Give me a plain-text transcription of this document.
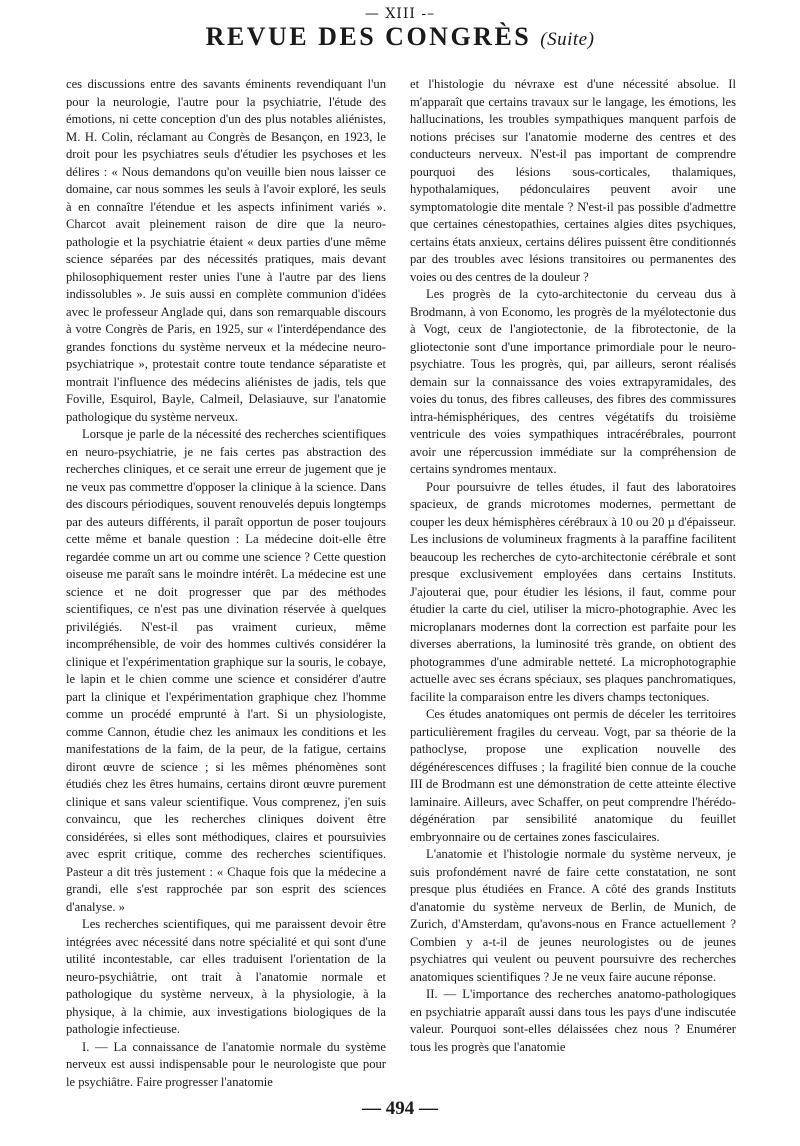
— XIII -–
REVUE DES CONGRÈS (Suite)

ces discussions entre des savants éminents revendiquant l'un pour la neurologie, l'autre pour la psychiatrie, l'étude des émotions, ni cette conception d'un des plus notables aliénistes, M. H. Colin, réclamant au Congrès de Besançon, en 1923, le droit pour les psychiatres seuls d'étudier les psychoses et les délires : « Nous demandons qu'on veuille bien nous laisser ce domaine, car nous sommes les seuls à l'avoir exploré, les seuls à en connaître l'étendue et les aspects infiniment variés ». Charcot avait pleinement raison de dire que la neuro-pathologie et la psychiatrie étaient « deux parties d'une même science séparées par des nécessités pratiques, mais devant philosophiquement rester unies l'une à l'autre par des liens indissolubles ». Je suis aussi en complète communion d'idées avec le professeur Anglade qui, dans son remarquable discours à votre Congrès de Paris, en 1925, sur « l'interdépendance des grandes fonctions du système nerveux et la médecine neuro-psychiatrique », protestait contre toute tendance séparatiste et montrait l'influence des médecins aliénistes de jadis, tels que Foville, Esquirol, Bayle, Calmeil, Delasiauve, sur l'anatomie pathologique du système nerveux.

Lorsque je parle de la nécessité des recherches scientifiques en neuro-psychiatrie, je ne fais certes pas abstraction des recherches cliniques, et ce serait une erreur de jugement que je ne veux pas commettre d'opposer la clinique à la science. Dans des discours périodiques, souvent renouvelés depuis longtemps par des auteurs différents, il paraît opportun de poser toujours cette même et banale question : La médecine doit-elle être regardée comme un art ou comme une science ? Cette question oiseuse me paraît sans le moindre intérêt. La médecine est une science et ne doit progresser que par des méthodes scientifiques, ce n'est pas une divination réservée à quelques privilégiés. N'est-il pas vraiment curieux, même incompréhensible, de voir des hommes cultivés considérer la clinique et l'expérimentation graphique sur la souris, le cobaye, le lapin et le chien comme une science et considérer d'autre part la clinique et l'expérimentation graphique chez l'homme comme un procédé emprunté à l'art. Si un physiologiste, comme Cannon, étudie chez les animaux les conditions et les manifestations de la faim, de la peur, de la fatigue, certains diront œuvre de science ; si les mêmes phénomènes sont étudiés chez les êtres humains, certains diront œuvre purement clinique et sans valeur scientifique. Vous comprenez, j'en suis convaincu, que les recherches cliniques doivent être considérées, si elles sont méthodiques, claires et poursuivies avec esprit critique, comme des recherches scientifiques. Pasteur a dit très justement : « Chaque fois que la médecine a grandi, elle s'est rapprochée par son esprit des sciences d'analyse. »

Les recherches scientifiques, qui me paraissent devoir être intégrées avec nécessité dans notre spécialité et qui sont d'une utilité incontestable, car elles traduisent l'orientation de la neuro-psychiâtrie, ont trait à l'anatomie normale et pathologique du système nerveux, à la physiologie, à la physique, à la chimie, aux investigations biologiques de la pathologie infectieuse.

I. — La connaissance de l'anatomie normale du système nerveux est aussi indispensable pour le neurologiste que pour le psychiâtre. Faire progresser l'anatomie

et l'histologie du névraxe est d'une nécessité absolue. Il m'apparaît que certains travaux sur le langage, les émotions, les hallucinations, les troubles sympathiques manquent parfois de notions précises sur l'anatomie moderne des centres et des conducteurs nerveux. N'est-il pas important de comprendre pourquoi des lésions sous-corticales, thalamiques, hypothalamiques, pédonculaires peuvent avoir une symptomatologie dite mentale ? N'est-il pas possible d'admettre que certaines cénestopathies, certaines algies dites psychiques, certains états anxieux, certains délires puissent être conditionnés par des troubles avec lésions transitoires ou permanentes des voies ou des centres de la douleur ?

Les progrès de la cyto-architectonie du cerveau dus à Brodmann, à von Economo, les progrès de la myélotectonie dus à Vogt, ceux de l'angiotectonie, de la fibrotectonie, de la gliotectonie sont d'une importance primordiale pour le neuro-psychiatre. Tous les progrès, qui, par ailleurs, seront réalisés demain sur la connaissance des voies extrapyramidales, des voies du tonus, des fibres calleuses, des fibres des commissures intra-hémisphériques, des centres végétatifs du troisième ventricule des voies sympathiques intracérébrales, pourront avoir une répercussion immédiate sur la compréhension de certains syndromes mentaux.

Pour poursuivre de telles études, il faut des laboratoires spacieux, de grands microtomes modernes, permettant de couper les deux hémisphères cérébraux à 10 ou 20 µ d'épaisseur. Les inclusions de volumineux fragments à la paraffine facilitent beaucoup les recherches de cyto-architectonie cérébrale et sont presque exclusivement employées dans certains Instituts. J'ajouterai que, pour étudier les lésions, il faut, comme pour étudier la carte du ciel, utiliser la micro-photographie. Avec les microplanars modernes dont la correction est parfaite pour les diverses aberrations, la luminosité très grande, on obtient des photogrammes d'une admirable netteté. La microphotographie actuelle avec ses écrans spéciaux, ses plaques panchromatiques, facilite la comparaison entre les divers champs tectoniques.

Ces études anatomiques ont permis de déceler les territoires particulièrement fragiles du cerveau. Vogt, par sa théorie de la pathoclyse, propose une explication nouvelle des dégénérescences diffuses ; la fragilité bien connue de la couche III de Brodmann est une démonstration de cette atteinte élective laminaire. Ailleurs, avec Schaffer, on peut comprendre l'hérédo-dégénération par sensibilité anatomique du feuillet embryonnaire ou de certaines zones fasciculaires.

L'anatomie et l'histologie normale du système nerveux, je suis profondément navré de faire cette constatation, ne sont presque plus étudiées en France. A côté des grands Instituts d'anatomie du système nerveux de Berlin, de Munich, de Zurich, d'Amsterdam, qu'avons-nous en France actuellement ? Combien y a-t-il de jeunes neurologistes ou de jeunes psychiatres qui veulent ou peuvent poursuivre des recherches anatomiques scientifiques ? Je ne veux faire aucune réponse.

II. — L'importance des recherches anatomo-pathologiques en psychiatrie apparaît aussi dans tous les pays d'une indiscutée valeur. Pourquoi sont-elles délaissées chez nous ? Enumérer tous les progrès que l'anatomie

— 494 —
